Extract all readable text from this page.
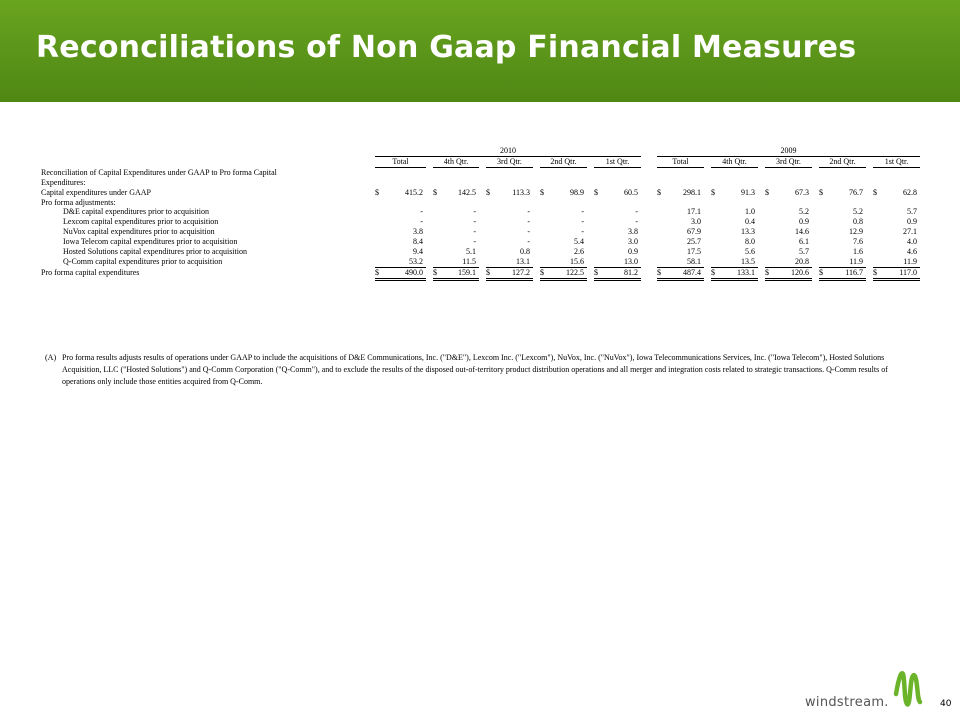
Reconciliations of Non Gaap Financial Measures
	2010															2009													
	Total			4th Qtr.			3rd Qtr.			2nd Qtr.			1st Qtr.			Total			4th Qtr.			3rd Qtr.			2nd Qtr.			1st Qtr.	
Reconciliation of Capital Expenditures under GAAP to Pro forma Capital																													
Expenditures:																													
Capital expenditures under GAAP	$	415.2		$	142.5		$	113.3		$	98.9		$	60.5		$	298.1		$	91.3		$	67.3		$	76.7		$	62.8
Pro forma adjustments:																													
D&E capital expenditures prior to acquisition		-			-			-			-			-			17.1			1.0			5.2			5.2			5.7
Lexcom capital expenditures prior to acquisition		-			-			-			-			-			3.0			0.4			0.9			0.8			0.9
NuVox capital expenditures prior to acquisition		3.8			-			-			-			3.8			67.9			13.3			14.6			12.9			27.1
Iowa Telecom capital expenditures prior to acquisition		8.4			-			-			5.4			3.0			25.7			8.0			6.1			7.6			4.0
Hosted Solutions capital expenditures prior to acquisition		9.4			5.1			0.8			2.6			0.9			17.5			5.6			5.7			1.6			4.6
Q-Comm capital expenditures prior to acquisition		53.2			11.5			13.1			15.6			13.0			58.1			13.5			20.8			11.9			11.9
Pro forma capital expenditures	$	490.0		$	159.1		$	127.2		$	122.5		$	81.2		$	487.4		$	133.1		$	120.6		$	116.7		$	117.0
(A) Pro forma results adjusts results of operations under GAAP to include the acquisitions of D&E Communications, Inc. ("D&E"), Lexcom Inc. ("Lexcom"), NuVox, Inc. ("NuVox"), Iowa Telecommunications Services, Inc. ("Iowa Telecom"), Hosted Solutions Acquisition, LLC ("Hosted Solutions") and Q-Comm Corporation ("Q-Comm"), and to exclude the results of the disposed out-of-territory product distribution operations and all merger and integration costs related to strategic transactions. Q-Comm results of operations only include those entities acquired from Q-Comm.
windstream.	40
